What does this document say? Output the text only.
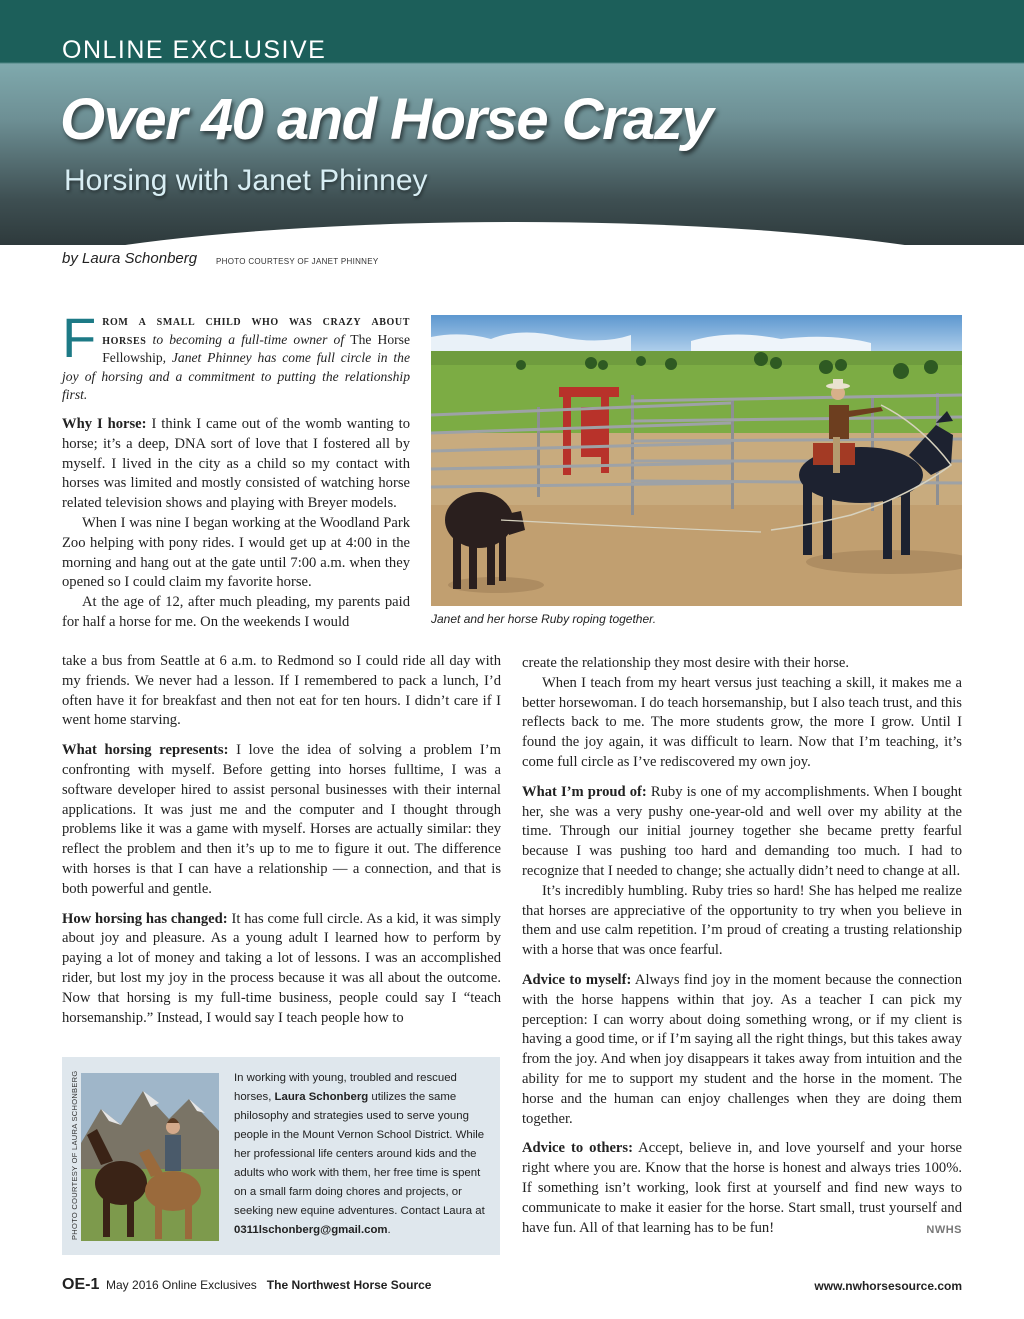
ONLINE EXCLUSIVE
Over 40 and Horse Crazy
Horsing with Janet Phinney
by Laura Schonberg PHOTO COURTESY OF JANET PHINNEY
From a small child who was crazy about horses to becoming a full-time owner of The Horse Fellowship, Janet Phinney has come full circle in the joy of horsing and a commitment to putting the relationship first.

Why I horse: I think I came out of the womb wanting to horse; it’s a deep, DNA sort of love that I fostered all by myself. I lived in the city as a child so my contact with horses was limited and mostly consisted of watching horse related television shows and playing with Breyer models.

When I was nine I began working at the Woodland Park Zoo helping with pony rides. I would get up at 4:00 in the morning and hang out at the gate until 7:00 a.m. when they opened so I could claim my favorite horse.

At the age of 12, after much pleading, my parents paid for half a horse for me. On the weekends I would

take a bus from Seattle at 6 a.m. to Redmond so I could ride all day with my friends. We never had a lesson. If I remembered to pack a lunch, I’d often have it for breakfast and then not eat for ten hours. I didn’t care if I went home starving.

What horsing represents: I love the idea of solving a problem I’m confronting with myself. Before getting into horses fulltime, I was a software developer hired to assist personal businesses with their internal applications. It was just me and the computer and I thought through problems like it was a game with myself. Horses are actually similar: they reflect the problem and then it’s up to me to figure it out. The difference with horses is that I can have a relationship — a connection, and that is both powerful and gentle.

How horsing has changed: It has come full circle. As a kid, it was simply about joy and pleasure. As a young adult I learned how to perform by paying a lot of money and taking a lot of lessons. I was an accomplished rider, but lost my joy in the process because it was all about the outcome. Now that horsing is my full-time business, people could say I “teach horsemanship.” Instead, I would say I teach people how to

Janet and her horse Ruby roping together.

create the relationship they most desire with their horse.

When I teach from my heart versus just teaching a skill, it makes me a better horsewoman. I do teach horsemanship, but I also teach trust, and this reflects back to me. The more students grow, the more I grow. Until I found the joy again, it was difficult to learn. Now that I’m teaching, it’s come full circle as I’ve rediscovered my own joy.

What I’m proud of: Ruby is one of my accomplishments. When I bought her, she was a very pushy one-year-old and well over my ability at the time. Through our initial journey together she became pretty fearful because I was pushing too hard and demanding too much. I had to recognize that I needed to change; she actually didn’t need to change at all.

It’s incredibly humbling. Ruby tries so hard! She has helped me realize that horses are appreciative of the opportunity to try when you believe in them and use calm repetition. I’m proud of creating a trusting relationship with a horse that was once fearful.

Advice to myself: Always find joy in the moment because the connection with the horse happens within that joy. As a teacher I can pick my perception: I can worry about doing something wrong, or if my client is having a good time, or if I’m saying all the right things, but this takes away from the joy. And when joy disappears it takes away from intuition and the ability for me to support my student and the horse in the moment. The horse and the human can enjoy challenges when they are doing them together.

Advice to others: Accept, believe in, and love yourself and your horse right where you are. Know that the horse is honest and always tries 100%. If something isn’t working, look first at yourself and find new ways to communicate to make it easier for the horse. Start small, trust yourself and have fun. All of that learning has to be fun!	NWHS

PHOTO COURTESY OF LAURA SCHONBERG	In working with young, troubled and rescued horses, Laura Schonberg utilizes the same philosophy and strategies used to serve young people in the Mount Vernon School District. While her professional life centers around kids and the adults who work with them, her free time is spent on a small farm doing chores and projects, or seeking new equine adventures. Contact Laura at 0311lschonberg@gmail.com.
OE-1 May 2016 Online Exclusives The Northwest Horse Source	www.nwhorsesource.com
